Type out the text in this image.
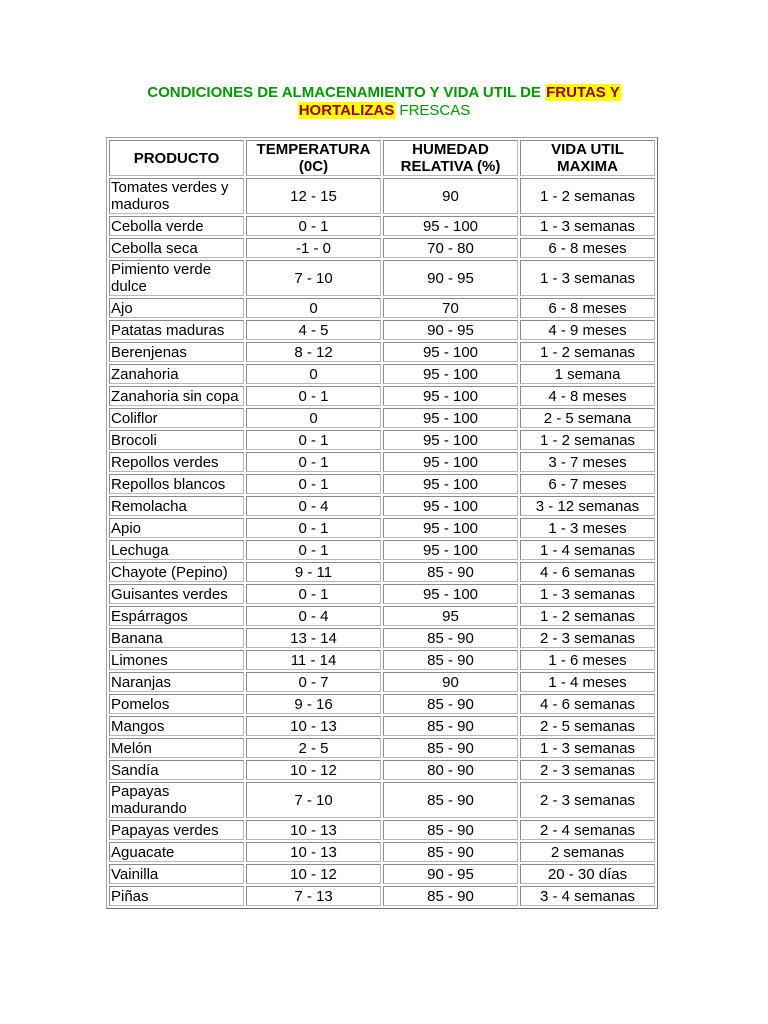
CONDICIONES DE ALMACENAMIENTO Y VIDA UTIL DE FRUTAS Y
HORTALIZAS FRESCAS
PRODUCTO	TEMPERATURA (0C)	HUMEDAD RELATIVA (%)	VIDA UTIL MAXIMA
Tomates verdes y maduros	12 - 15	90	1 - 2 semanas
Cebolla verde	0 - 1	95 - 100	1 - 3 semanas
Cebolla seca	-1 - 0	70 - 80	6 - 8 meses
Pimiento verde dulce	7 - 10	90 - 95	1 - 3 semanas
Ajo	0	70	6 - 8 meses
Patatas maduras	4 - 5	90 - 95	4 - 9 meses
Berenjenas	8 - 12	95 - 100	1 - 2 semanas
Zanahoria	0	95 - 100	1 semana
Zanahoria sin copa	0 - 1	95 - 100	4 - 8 meses
Coliflor	0	95 - 100	2 - 5 semana
Brocoli	0 - 1	95 - 100	1 - 2 semanas
Repollos verdes	0 - 1	95 - 100	3 - 7 meses
Repollos blancos	0 - 1	95 - 100	6 - 7 meses
Remolacha	0 - 4	95 - 100	3 - 12 semanas
Apio	0 - 1	95 - 100	1 - 3 meses
Lechuga	0 - 1	95 - 100	1 - 4 semanas
Chayote (Pepino)	9 - 11	85 - 90	4 - 6 semanas
Guisantes verdes	0 - 1	95 - 100	1 - 3 semanas
Espárragos	0 - 4	95	1 - 2 semanas
Banana	13 - 14	85 - 90	2 - 3 semanas
Limones	11 - 14	85 - 90	1 - 6 meses
Naranjas	0 - 7	90	1 - 4 meses
Pomelos	9 - 16	85 - 90	4 - 6 semanas
Mangos	10 - 13	85 - 90	2 - 5 semanas
Melón	2 - 5	85 - 90	1 - 3 semanas
Sandía	10 - 12	80 - 90	2 - 3 semanas
Papayas madurando	7 - 10	85 - 90	2 - 3 semanas
Papayas verdes	10 - 13	85 - 90	2 - 4 semanas
Aguacate	10 - 13	85 - 90	2 semanas
Vainilla	10 - 12	90 - 95	20 - 30 días
Piñas	7 - 13	85 - 90	3 - 4 semanas
